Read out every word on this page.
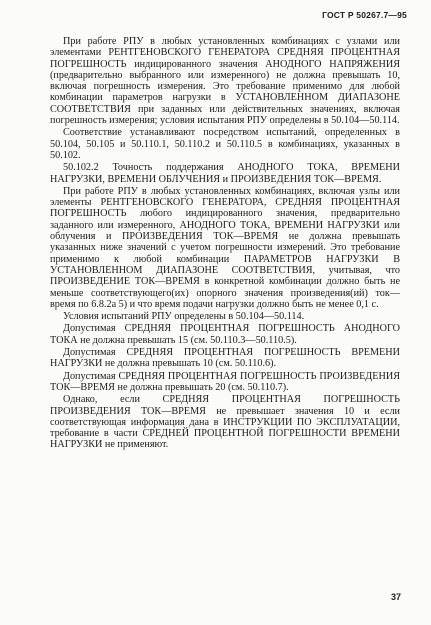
ГОСТ Р 50267.7—95

При работе РПУ в любых установленных комбинациях с узлами или элементами РЕНТГЕНОВСКОГО ГЕНЕРАТОРА СРЕДНЯЯ ПРОЦЕНТНАЯ ПОГРЕШНОСТЬ индицированного значения АНОДНОГО НАПРЯЖЕНИЯ (предварительно выбранного или измеренного) не должна превышать 10, включая погрешность измерения. Это требование применимо для любой комбинации параметров нагрузки в УСТАНОВЛЕННОМ ДИАПАЗОНЕ СООТВЕТСТВИЯ при заданных или действительных значениях, включая погрешность измерения; условия испытания РПУ определены в 50.104—50.114.

Соответствие устанавливают посредством испытаний, определенных в 50.104, 50.105 и 50.110.1, 50.110.2 и 50.110.5 в комбинациях, указанных в 50.102.

50.102.2 Точность поддержания АНОДНОГО ТОКА, ВРЕМЕНИ НАГРУЗКИ, ВРЕМЕНИ ОБЛУЧЕНИЯ и ПРОИЗВЕДЕНИЯ ТОК—ВРЕМЯ.

При работе РПУ в любых установленных комбинациях, включая узлы или элементы РЕНТГЕНОВСКОГО ГЕНЕРАТОРА, СРЕДНЯЯ ПРОЦЕНТНАЯ ПОГРЕШНОСТЬ любого индицированного значения, предварительно заданного или измеренного, АНОДНОГО ТОКА, ВРЕМЕНИ НАГРУЗКИ или облучения и ПРОИЗВЕДЕНИЯ ТОК—ВРЕМЯ не должна превышать указанных ниже значений с учетом погрешности измерений. Это требование применимо к любой комбинации ПАРАМЕТРОВ НАГРУЗКИ В УСТАНОВЛЕННОМ ДИАПАЗОНЕ СООТВЕТСТВИЯ, учитывая, что ПРОИЗВЕДЕНИЕ ТОК—ВРЕМЯ в конкретной комбинации должно быть не меньше соответствующего(их) опорного значения произведения(ий) ток—время по 6.8.2а 5) и что время подачи нагрузки должно быть не менее 0,1 с.

Условия испытаний РПУ определены в 50.104—50.114.

Допустимая СРЕДНЯЯ ПРОЦЕНТНАЯ ПОГРЕШНОСТЬ АНОДНОГО ТОКА не должна превышать 15 (см. 50.110.3—50.110.5).

Допустимая СРЕДНЯЯ ПРОЦЕНТНАЯ ПОГРЕШНОСТЬ ВРЕМЕНИ НАГРУЗКИ не должна превышать 10 (см. 50.110.6).

Допустимая СРЕДНЯЯ ПРОЦЕНТНАЯ ПОГРЕШНОСТЬ ПРОИЗВЕДЕНИЯ ТОК—ВРЕМЯ не должна превышать 20 (см. 50.110.7).

Однако, если СРЕДНЯЯ ПРОЦЕНТНАЯ ПОГРЕШНОСТЬ ПРОИЗВЕДЕНИЯ ТОК—ВРЕМЯ не превышает значения 10 и если соответствующая информация дана в ИНСТРУКЦИИ ПО ЭКСПЛУАТАЦИИ, требование в части СРЕДНЕЙ ПРОЦЕНТНОЙ ПОГРЕШНОСТИ ВРЕМЕНИ НАГРУЗКИ не применяют.

37
